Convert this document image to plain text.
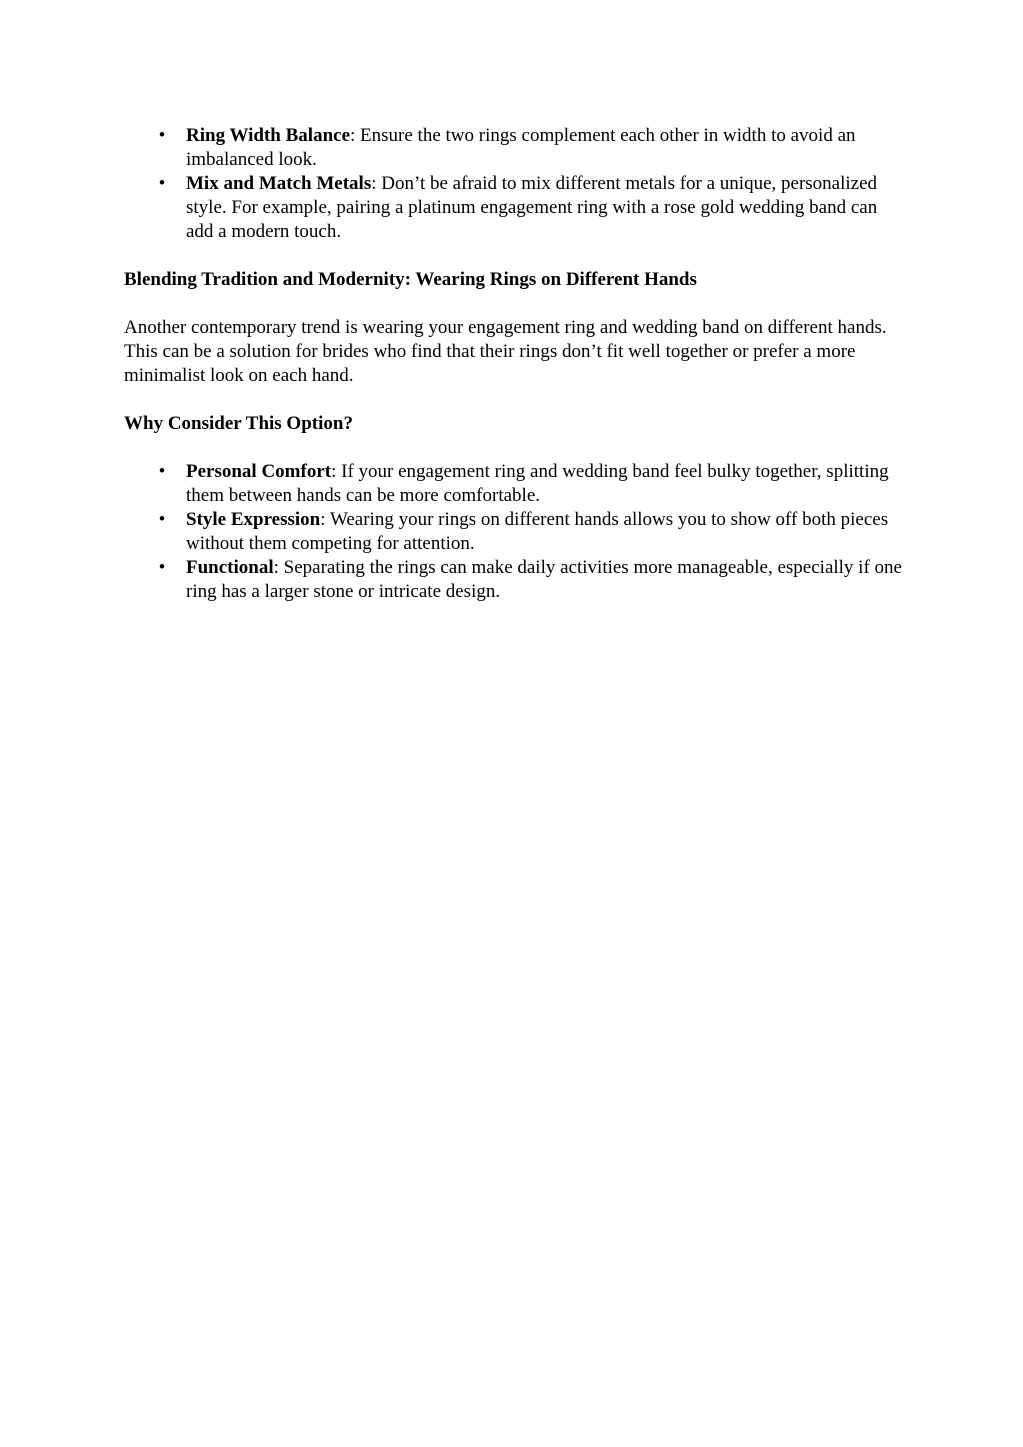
• Ring Width Balance: Ensure the two rings complement each other in width to avoid an imbalanced look.
• Mix and Match Metals: Don’t be afraid to mix different metals for a unique, personalized style. For example, pairing a platinum engagement ring with a rose gold wedding band can add a modern touch.

Blending Tradition and Modernity: Wearing Rings on Different Hands

Another contemporary trend is wearing your engagement ring and wedding band on different hands. This can be a solution for brides who find that their rings don’t fit well together or prefer a more minimalist look on each hand.

Why Consider This Option?

• Personal Comfort: If your engagement ring and wedding band feel bulky together, splitting them between hands can be more comfortable.
• Style Expression: Wearing your rings on different hands allows you to show off both pieces without them competing for attention.
• Functional: Separating the rings can make daily activities more manageable, especially if one ring has a larger stone or intricate design.
